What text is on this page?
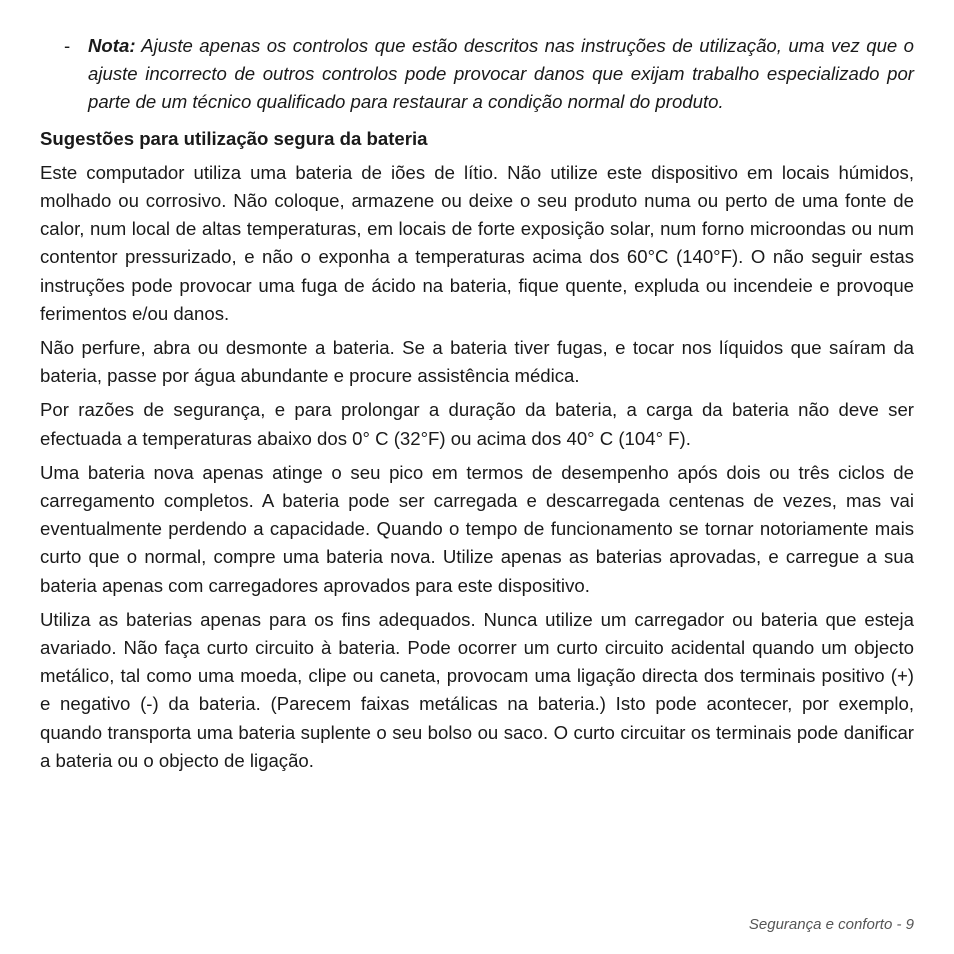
- Nota: Ajuste apenas os controlos que estão descritos nas instruções de utilização, uma vez que o ajuste incorrecto de outros controlos pode provocar danos que exijam trabalho especializado por parte de um técnico qualificado para restaurar a condição normal do produto.
Sugestões para utilização segura da bateria

Este computador utiliza uma bateria de iões de lítio. Não utilize este dispositivo em locais húmidos, molhado ou corrosivo. Não coloque, armazene ou deixe o seu produto numa ou perto de uma fonte de calor, num local de altas temperaturas, em locais de forte exposição solar, num forno microondas ou num contentor pressurizado, e não o exponha a temperaturas acima dos 60°C (140°F). O não seguir estas instruções pode provocar uma fuga de ácido na bateria, fique quente, expluda ou incendeie e provoque ferimentos e/ou danos.

Não perfure, abra ou desmonte a bateria. Se a bateria tiver fugas, e tocar nos líquidos que saíram da bateria, passe por água abundante e procure assistência médica.

Por razões de segurança, e para prolongar a duração da bateria, a carga da bateria não deve ser efectuada a temperaturas abaixo dos 0° C (32°F) ou acima dos 40° C (104° F).

Uma bateria nova apenas atinge o seu pico em termos de desempenho após dois ou três ciclos de carregamento completos. A bateria pode ser carregada e descarregada centenas de vezes, mas vai eventualmente perdendo a capacidade. Quando o tempo de funcionamento se tornar notoriamente mais curto que o normal, compre uma bateria nova. Utilize apenas as baterias aprovadas, e carregue a sua bateria apenas com carregadores aprovados para este dispositivo.

Utiliza as baterias apenas para os fins adequados. Nunca utilize um carregador ou bateria que esteja avariado. Não faça curto circuito à bateria. Pode ocorrer um curto circuito acidental quando um objecto metálico, tal como uma moeda, clipe ou caneta, provocam uma ligação directa dos terminais positivo (+) e negativo (-) da bateria. (Parecem faixas metálicas na bateria.) Isto pode acontecer, por exemplo, quando transporta uma bateria suplente o seu bolso ou saco. O curto circuitar os terminais pode danificar a bateria ou o objecto de ligação.

Segurança e conforto - 9
